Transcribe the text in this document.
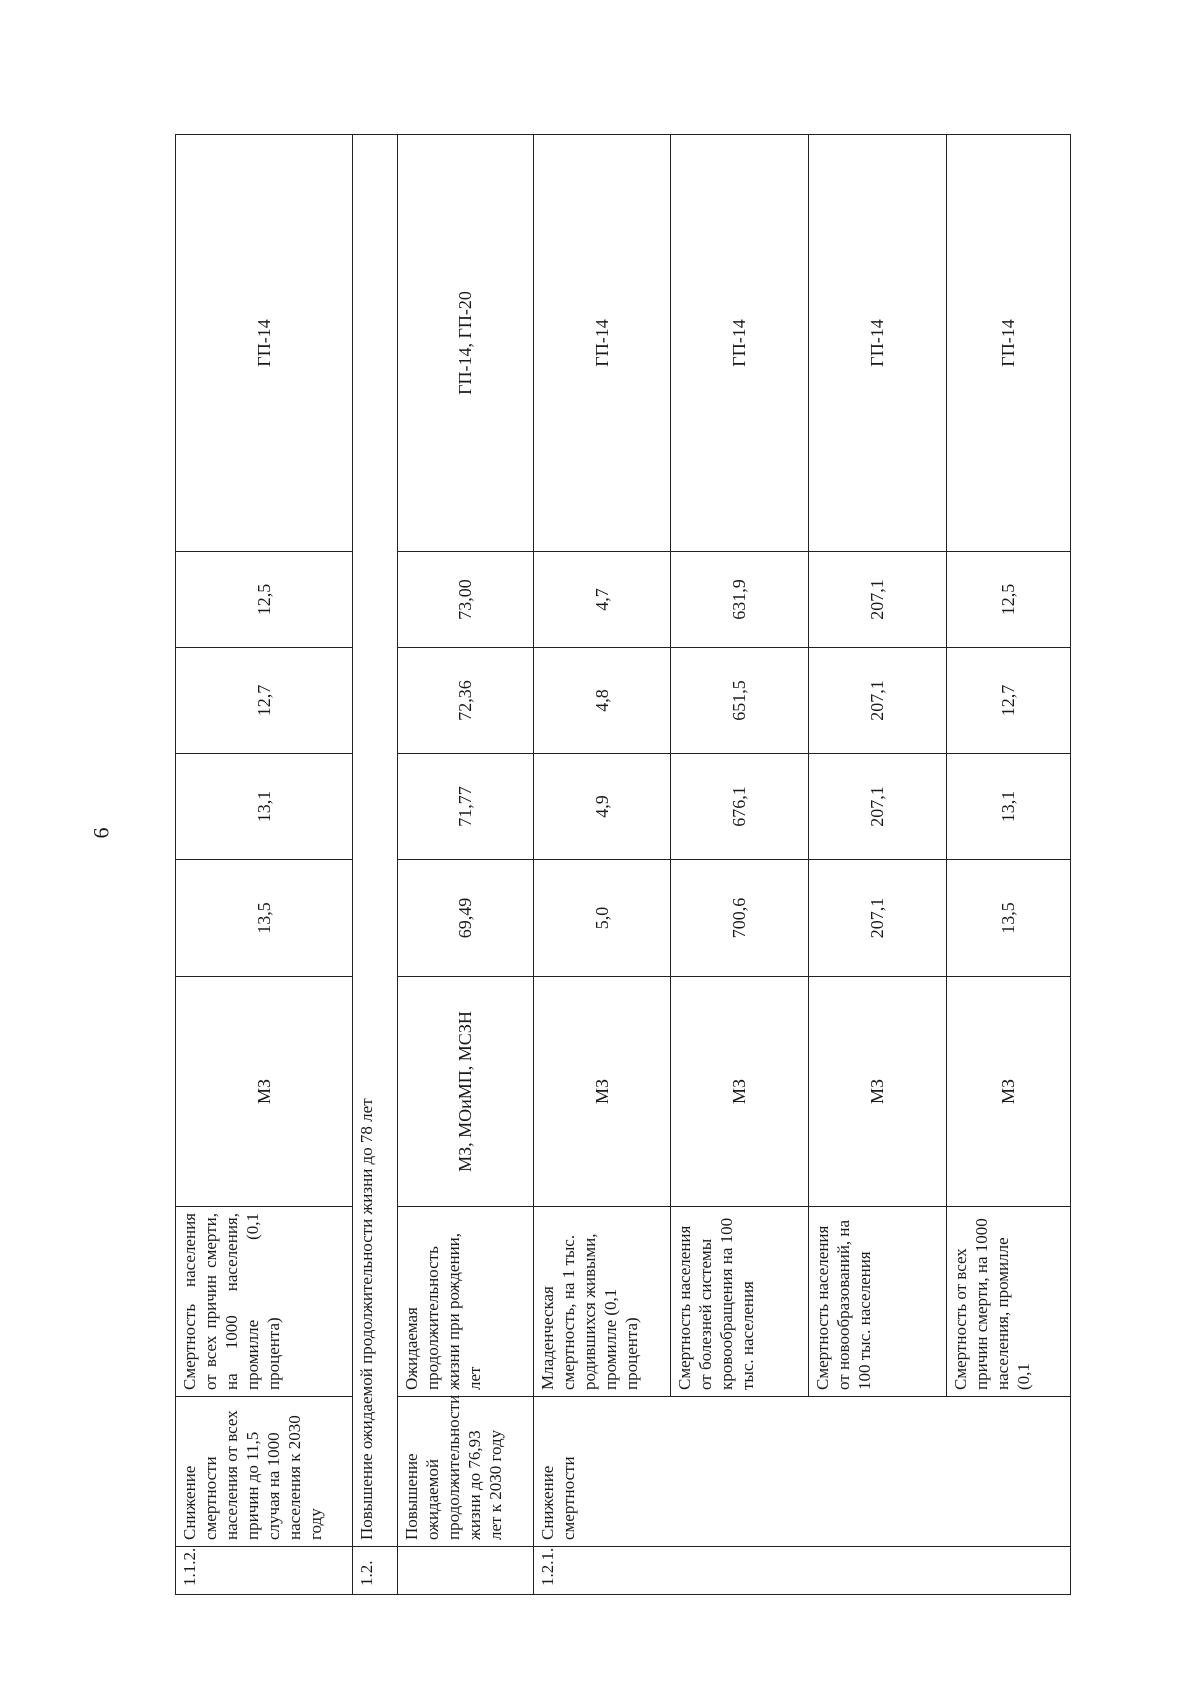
6
1.1.2.	Снижение смертности населения от всех причин до 11,5 случая на 1000 населения к 2030 году	Смертность населения от всех причин смерти, на 1000 населения, промилле (0,1 процента)	МЗ	13,5	13,1	12,7	12,5	ГП-14
1.2.	Повышение ожидаемой продолжительности жизни до 78 лет							
	Повышение ожидаемой продолжительности жизни до 76,93 лет к 2030 году	Ожидаемая продолжительность жизни при рождении, лет	МЗ, МОиМП, МСЗН	69,49	71,77	72,36	73,00	ГП-14, ГП-20
1.2.1.	Снижение смертности	Младенческая смертность, на 1 тыс. родившихся живыми, промилле (0,1 процента)	МЗ	5,0	4,9	4,8	4,7	ГП-14
		Смертность населения от болезней системы кровообращения на 100 тыс. населения	МЗ	700,6	676,1	651,5	631,9	ГП-14
		Смертность населения от новообразований, на 100 тыс. населения	МЗ	207,1	207,1	207,1	207,1	ГП-14
		Смертность от всех причин смерти, на 1000 населения, промилле (0,1	МЗ	13,5	13,1	12,7	12,5	ГП-14
